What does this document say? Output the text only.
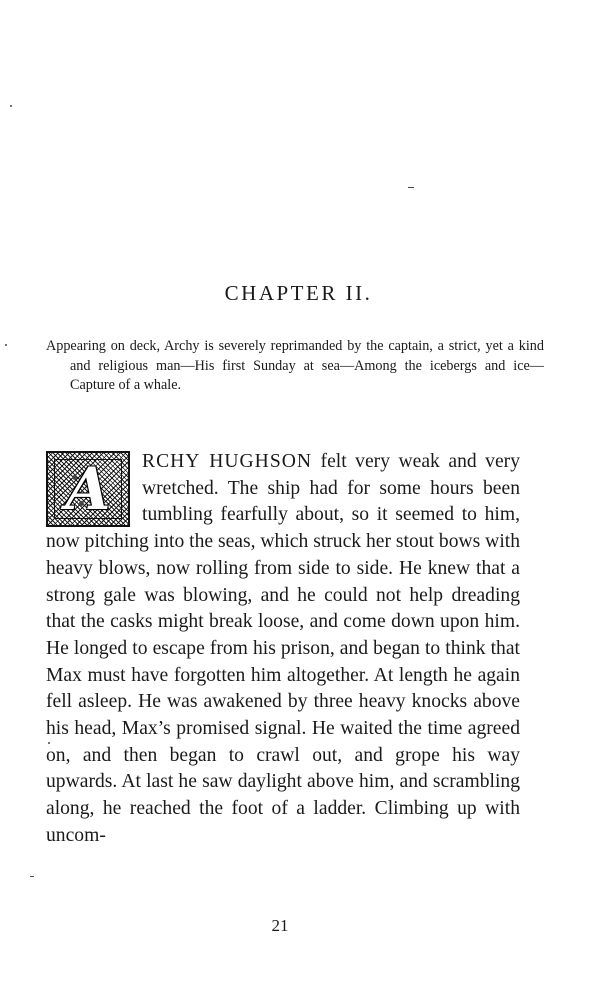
CHAPTER II.

Appearing on deck, Archy is severely reprimanded by the captain, a strict, yet a kind and religious man—His first Sunday at sea—Among the icebergs and ice—Capture of a whale.

A RCHY HUGHSON felt very weak and very wretched. The ship had for some hours been tumbling fearfully about, so it seemed to him, now pitching into the seas, which struck her stout bows with heavy blows, now rolling from side to side. He knew that a strong gale was blowing, and he could not help dreading that the casks might break loose, and come down upon him. He longed to escape from his prison, and began to think that Max must have forgotten him altogether. At length he again fell asleep. He was awakened by three heavy knocks above his head, Max’s promised signal. He waited the time agreed on, and then began to crawl out, and grope his way upwards. At last he saw daylight above him, and scrambling along, he reached the foot of a ladder. Climbing up with uncom-

21
